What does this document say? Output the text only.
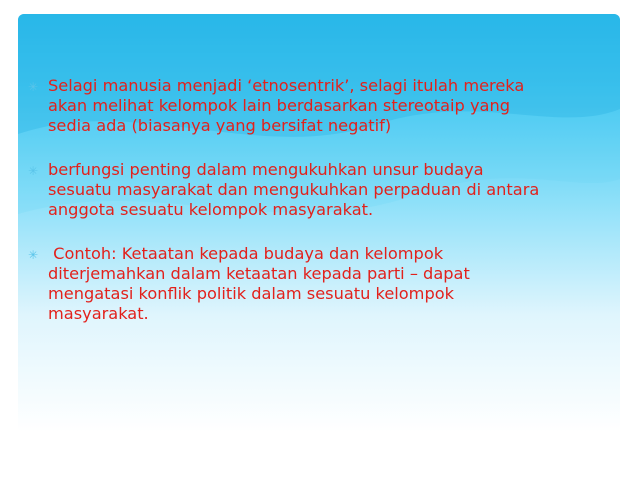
✳ Selagi manusia menjadi ‘etnosentrik’, selagi itulah mereka
akan melihat kelompok lain berdasarkan stereotaip yang
sedia ada (biasanya yang bersifat negatif)
✳ berfungsi penting dalam mengukuhkan unsur budaya
sesuatu masyarakat dan mengukuhkan perpaduan di antara
anggota sesuatu kelompok masyarakat.
✳ Contoh: Ketaatan kepada budaya dan kelompok
diterjemahkan dalam ketaatan kepada parti – dapat
mengatasi konflik politik dalam sesuatu kelompok
masyarakat.
